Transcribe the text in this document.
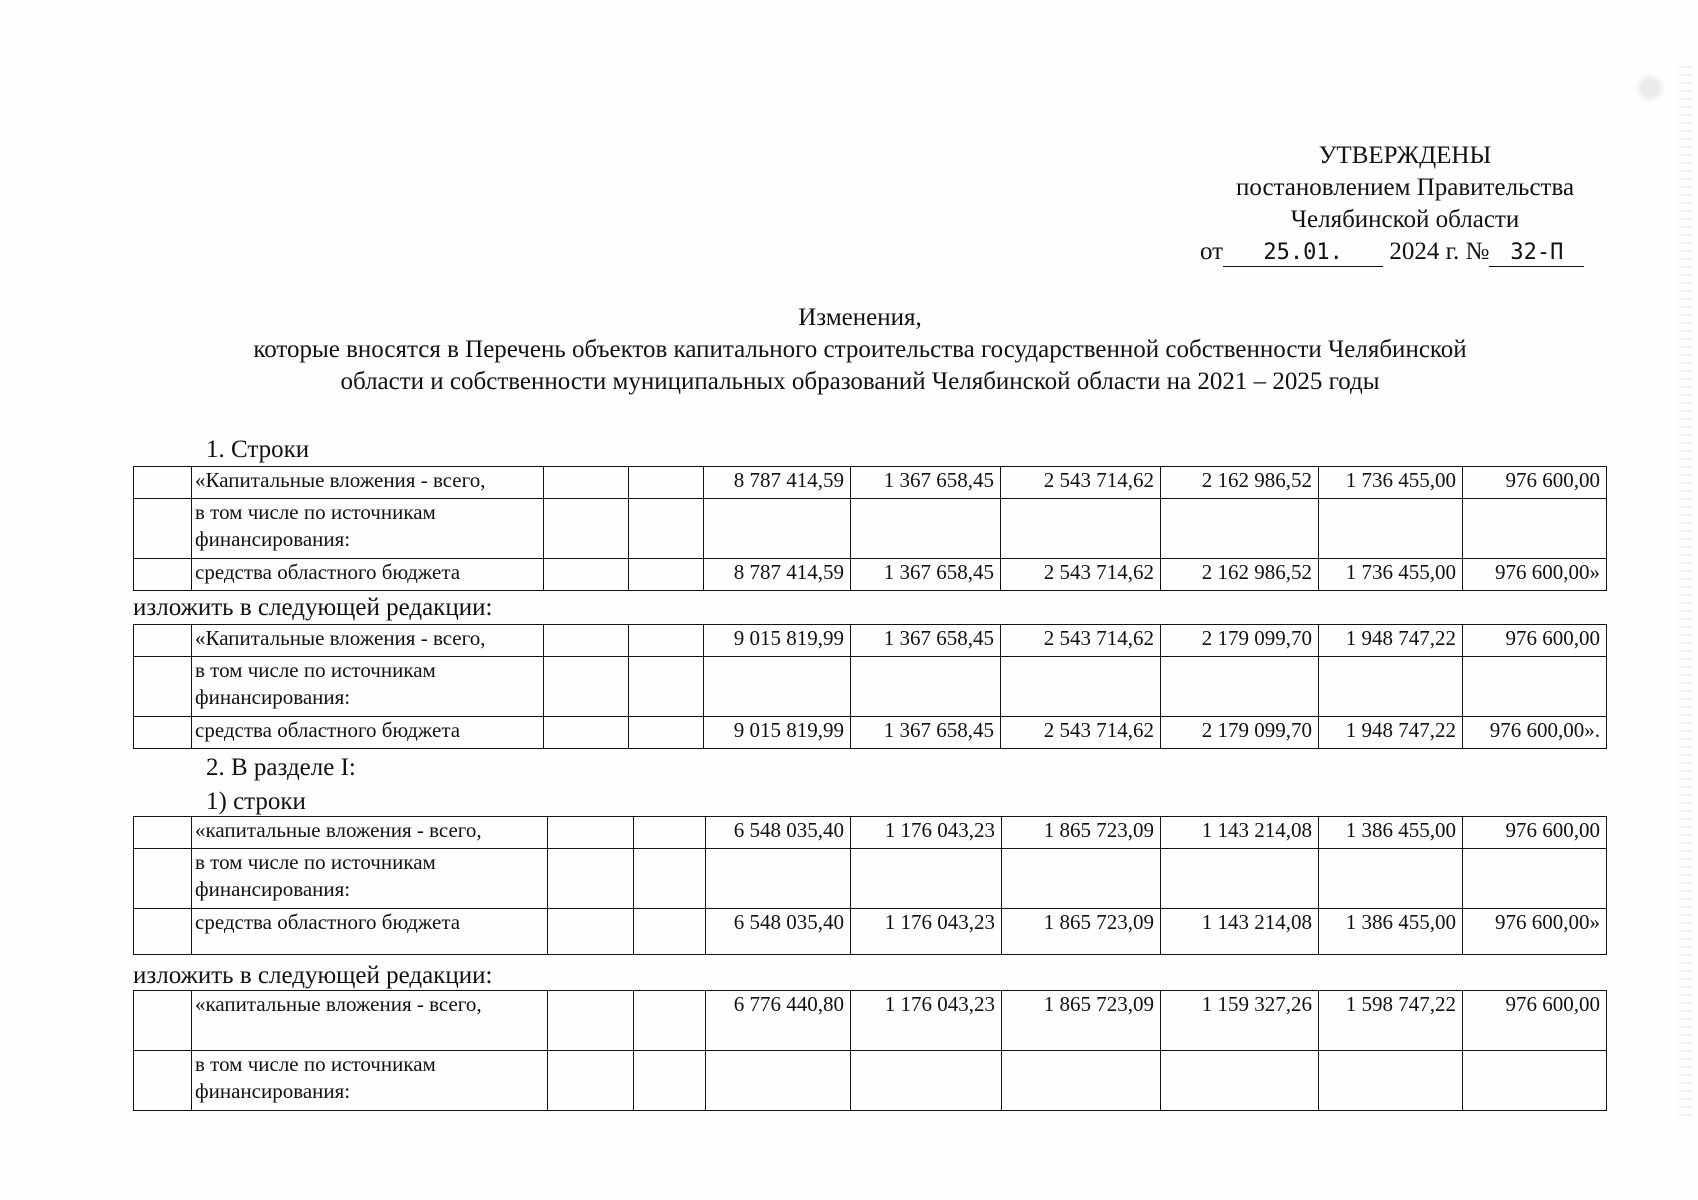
УТВЕРЖДЕНЫ
постановлением Правительства
Челябинской области
от 25.01. 2024 г. № 32-П
Изменения,
которые вносятся в Перечень объектов капитального строительства государственной собственности Челябинской
области и собственности муниципальных образований Челябинской области на 2021 – 2025 годы
1. Строки
	«Капитальные вложения - всего,			8 787 414,59	1 367 658,45	2 543 714,62	2 162 986,52	1 736 455,00	976 600,00
	в том числе по источникам финансирования:								
	средства областного бюджета			8 787 414,59	1 367 658,45	2 543 714,62	2 162 986,52	1 736 455,00	976 600,00»
изложить в следующей редакции:
	«Капитальные вложения - всего,			9 015 819,99	1 367 658,45	2 543 714,62	2 179 099,70	1 948 747,22	976 600,00
	в том числе по источникам финансирования:								
	средства областного бюджета			9 015 819,99	1 367 658,45	2 543 714,62	2 179 099,70	1 948 747,22	976 600,00».
2. В разделе I:
1) строки
	«капитальные вложения - всего,			6 548 035,40	1 176 043,23	1 865 723,09	1 143 214,08	1 386 455,00	976 600,00
	в том числе по источникам финансирования:								
	средства областного бюджета			6 548 035,40	1 176 043,23	1 865 723,09	1 143 214,08	1 386 455,00	976 600,00»
изложить в следующей редакции:
	«капитальные вложения - всего,			6 776 440,80	1 176 043,23	1 865 723,09	1 159 327,26	1 598 747,22	976 600,00
	в том числе по источникам финансирования:								
